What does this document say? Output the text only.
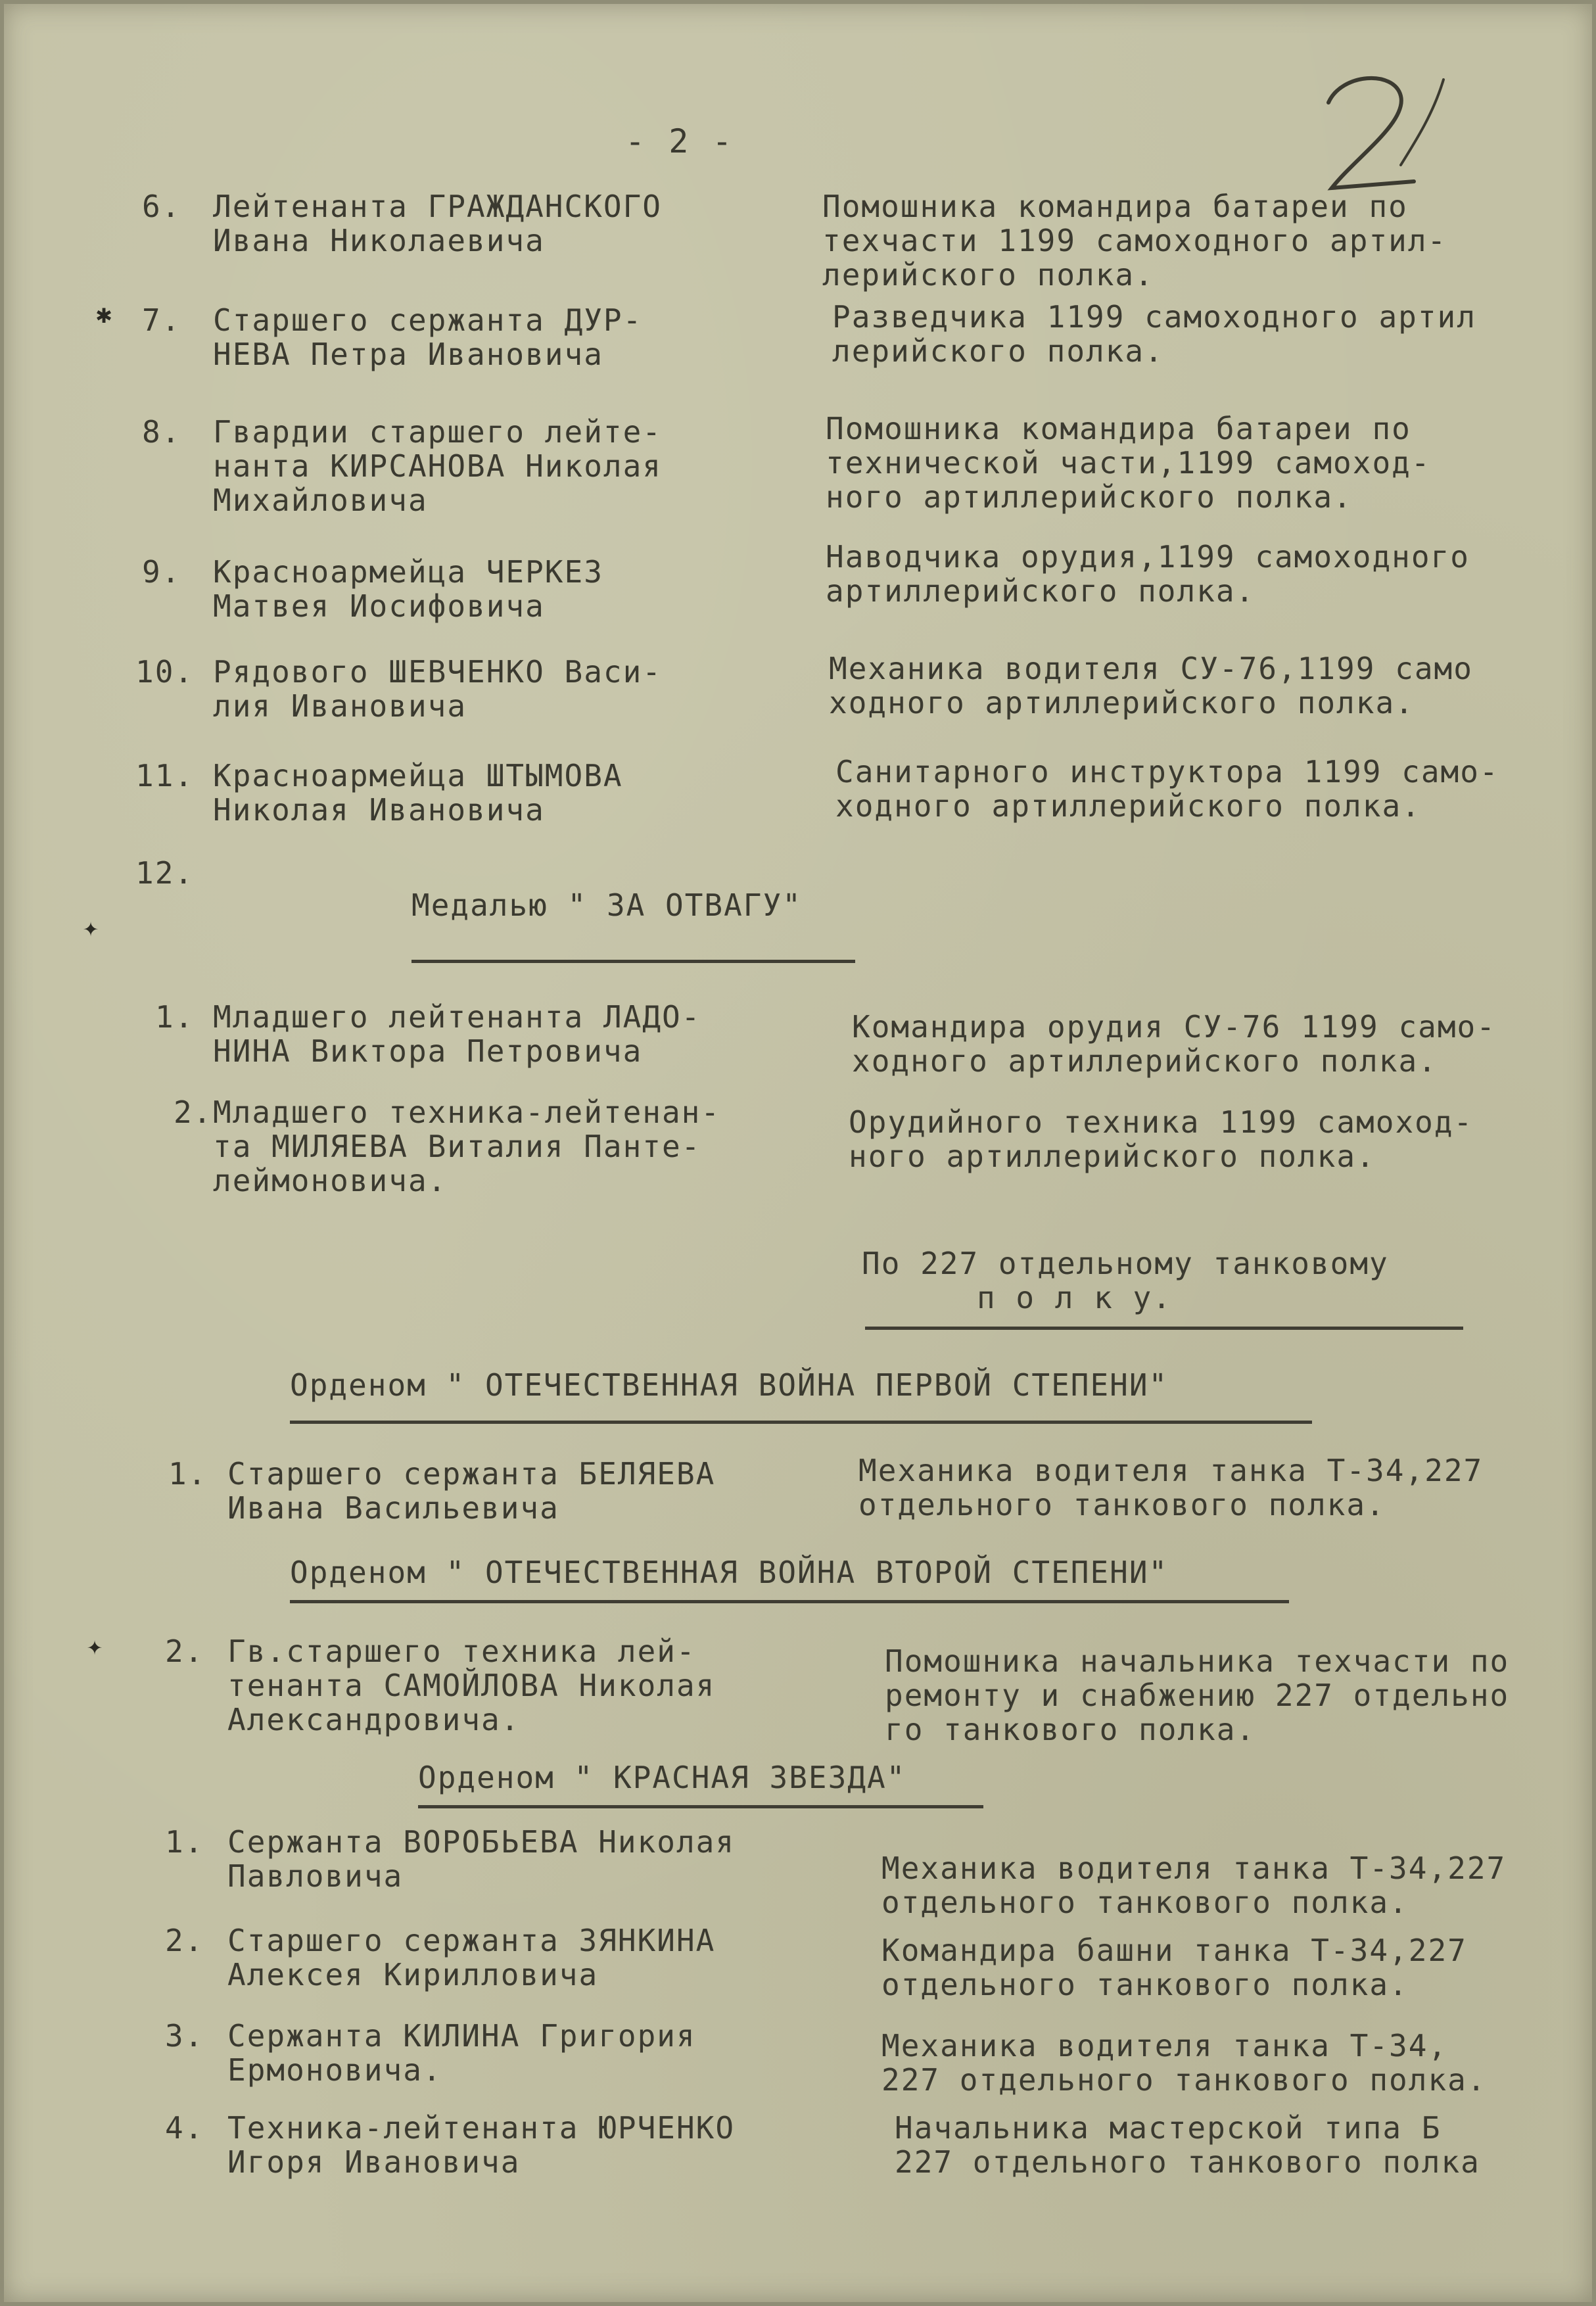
- 2 -

✱
✦
✦

6. Лейтенанта ГРАЖДАНСКОГО

Ивана Николаевича

Помошника командира батареи по

техчасти 1199 самоходного артил-

лерийского полка.

7. Старшего сержанта ДУР-

НЕВА Петра Ивановича

Разведчика 1199 самоходного артил

лерийского полка.

8. Гвардии старшего лейте-

нанта КИРСАНОВА Николая

Михайловича

Помошника командира батареи по

технической части,1199 самоход-

ного артиллерийского полка.

9. Красноармейца ЧЕРКЕЗ

Матвея Иосифовича

Наводчика орудия,1199 самоходного

артиллерийского полка.

10. Рядового ШЕВЧЕНКО Васи-

лия Ивановича

Механика водителя СУ-76,1199 само

ходного артиллерийского полка.

11. Красноармейца ШТЫМОВА

Николая Ивановича

Санитарного инструктора 1199 само-

ходного артиллерийского полка.

12.

Медалью " ЗА ОТВАГУ"

1. Младшего лейтенанта ЛАДО-

НИНА Виктора Петровича

Командира орудия СУ-76 1199 само-

ходного артиллерийского полка.

2. Младшего техника-лейтенан-

та МИЛЯЕВА Виталия Панте-

леймоновича.

Орудийного техника 1199 самоход-

ного артиллерийского полка.

По 227 отдельному танковому

п о л к у.

Орденом " ОТЕЧЕСТВЕННАЯ ВОЙНА ПЕРВОЙ СТЕПЕНИ"

1. Старшего сержанта БЕЛЯЕВА

Ивана Васильевича

Механика водителя танка Т-34,227

отдельного танкового полка.

Орденом " ОТЕЧЕСТВЕННАЯ ВОЙНА ВТОРОЙ СТЕПЕНИ"

2. Гв.старшего техника лей-

тенанта САМОЙЛОВА Николая

Александровича.

Помошника начальника техчасти по

ремонту и снабжению 227 отдельно

го танкового полка.

Орденом " КРАСНАЯ ЗВЕЗДА"

1. Сержанта ВОРОБЬЕВА Николая

Павловича	Механика водителя танка Т-34,227

отдельного танкового полка.

2. Старшего сержанта ЗЯНКИНА

Алексея Кирилловича

Командира башни танка Т-34,227

отдельного танкового полка.

3. Сержанта КИЛИНА Григория

Ермоновича.

Механика водителя танка Т-34,

227 отдельного танкового полка.

4. Техника-лейтенанта ЮРЧЕНКО

Игоря Ивановича

Начальника мастерской типа Б

227 отдельного танкового полка
